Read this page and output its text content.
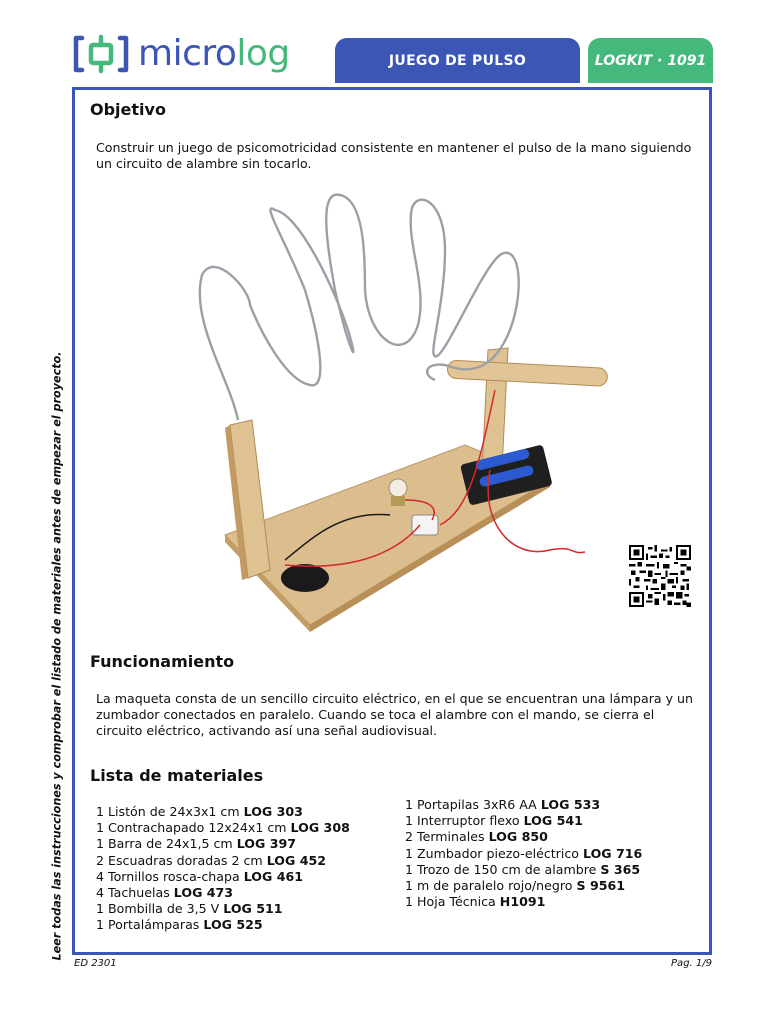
microlog	JUEGO DE PULSO	LOGKIT · 1091
Leer todas las instrucciones y comprobar el listado de materiales antes de empezar el proyecto.
Objetivo

Construir un juego de psicomotricidad consistente en mantener el pulso de la mano siguiendo un circuito de alambre sin tocarlo.

Funcionamiento

La maqueta consta de un sencillo circuito eléctrico, en el que se encuentran una lámpara y un zumbador conectados en paralelo. Cuando se toca el alambre con el mando, se cierra el circuito eléctrico, activando así una señal audiovisual.

Lista de materiales
1 Listón de 24x3x1 cm LOG 303
1 Contrachapado 12x24x1 cm LOG 308
1 Barra de 24x1,5 cm LOG 397
2 Escuadras doradas 2 cm LOG 452
4 Tornillos rosca-chapa LOG 461
4 Tachuelas LOG 473
1 Bombilla de 3,5 V LOG 511
1 Portalámparas LOG 525
1 Portapilas 3xR6 AA LOG 533
1 Interruptor flexo LOG 541
2 Terminales LOG 850
1 Zumbador piezo-eléctrico LOG 716
1 Trozo de 150 cm de alambre S 365
1 m de paralelo rojo/negro S 9561
1 Hoja Técnica H1091
ED 2301	Pag. 1/9
